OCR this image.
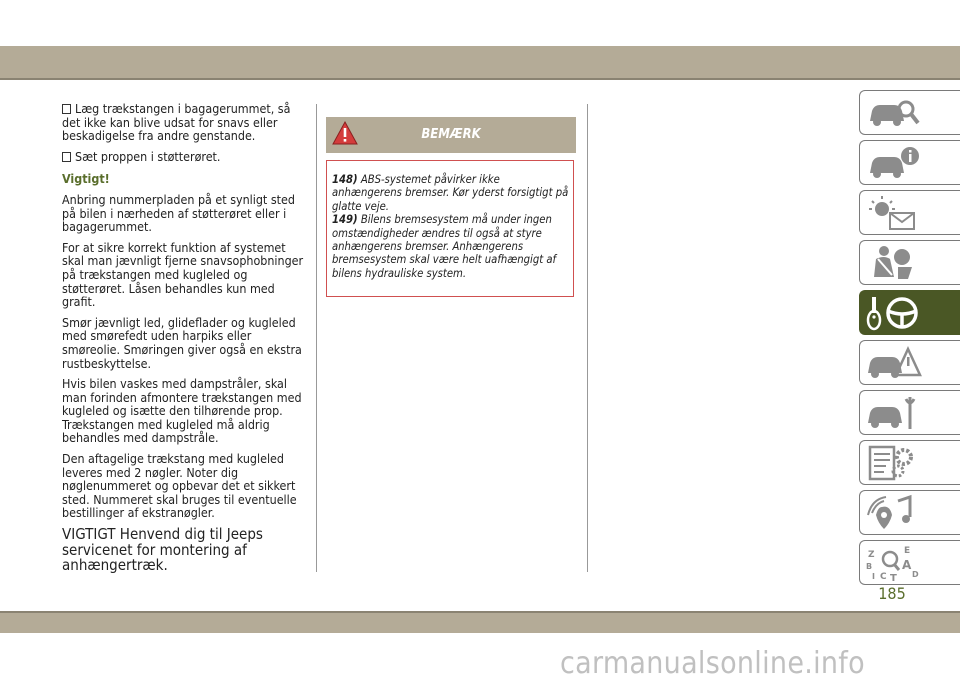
Læg trækstangen i bagagerummet, så det ikke kan blive udsat for snavs eller beskadigelse fra andre genstande.

Sæt proppen i støtterøret.

Vigtigt!

Anbring nummerpladen på et synligt sted på bilen i nærheden af støtterøret eller i bagagerummet.

For at sikre korrekt funktion af systemet skal man jævnligt fjerne snavsophobninger på trækstangen med kugleled og støtterøret. Låsen behandles kun med grafit.

Smør jævnligt led, glideflader og kugleled med smørefedt uden harpiks eller smøreolie. Smøringen giver også en ekstra rustbeskyttelse.

Hvis bilen vaskes med dampstråler, skal man forinden afmontere trækstangen med kugleled og isætte den tilhørende prop. Trækstangen med kugleled må aldrig behandles med dampstråle.

Den aftagelige trækstang med kugleled leveres med 2 nøgler. Noter dig nøglenummeret og opbevar det et sikkert sted. Nummeret skal bruges til eventuelle bestillinger af ekstranøgler.

VIGTIGT Henvend dig til Jeeps servicenet for montering af anhængertræk.

BEMÆRK

148) ABS-systemet påvirker ikke anhængerens bremser. Kør yderst forsigtigt på glatte veje.

149) Bilens bremsesystem må under ingen omstændigheder ændres til også at styre anhængerens bremser. Anhængerens bremsesystem skal være helt uafhængigt af bilens hydrauliske system.

Z	E
B
I C T
A
D
185
carmanualsonline.info
